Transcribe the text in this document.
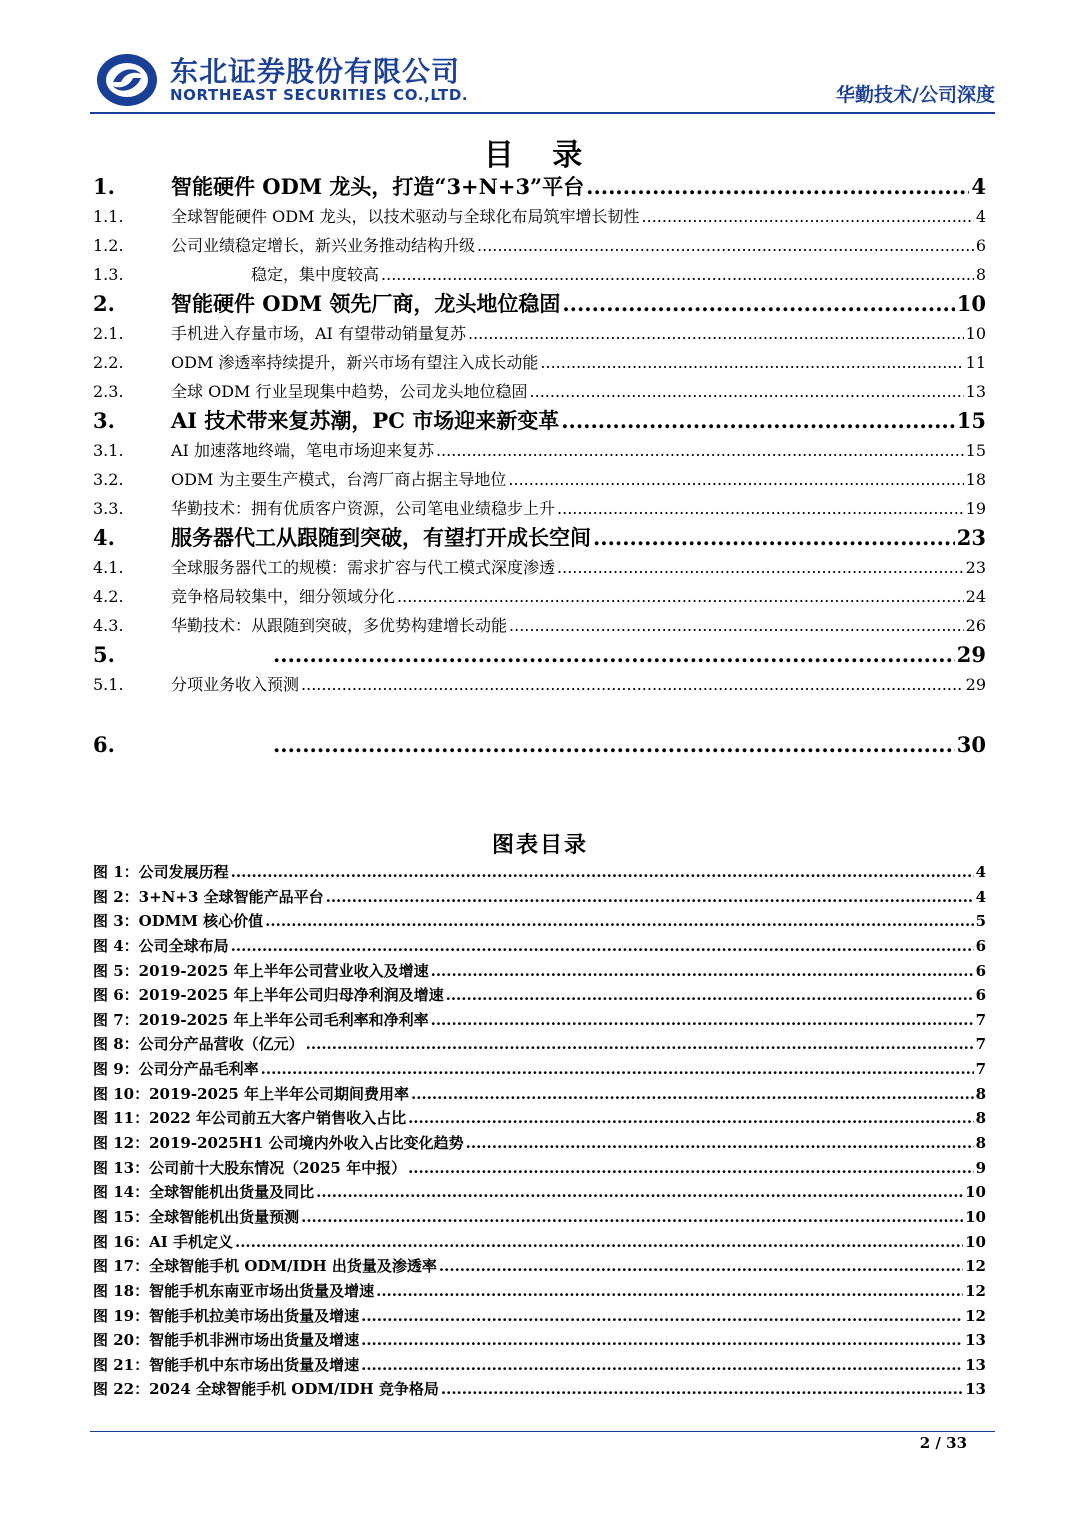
东北证券股份有限公司
NORTHEAST SECURITIES CO.,LTD.	华勤技术/公司深度
目 录
1.	智能硬件 ODM 龙头，打造“3+N+3”平台 .....	4
1.1.	全球智能硬件 ODM 龙头，以技术驱动与全球化布局筑牢增长韧性 .....	4
1.2.	公司业绩稳定增长，新兴业务推动结构升级 .....	6
1.3.	稳定，集中度较高 .....	8
2.	智能硬件 ODM 领先厂商，龙头地位稳固 .....	10
2.1.	手机进入存量市场，AI 有望带动销量复苏 .....	10
2.2.	ODM 渗透率持续提升，新兴市场有望注入成长动能 .....	11
2.3.	全球 ODM 行业呈现集中趋势，公司龙头地位稳固 .....	13
3.	AI 技术带来复苏潮，PC 市场迎来新变革 .....	15
3.1.	AI 加速落地终端，笔电市场迎来复苏 .....	15
3.2.	ODM 为主要生产模式，台湾厂商占据主导地位 .....	18
3.3.	华勤技术：拥有优质客户资源，公司笔电业绩稳步上升 .....	19
4.	服务器代工从跟随到突破，有望打开成长空间 .....	23
4.1.	全球服务器代工的规模：需求扩容与代工模式深度渗透 .....	23
4.2.	竞争格局较集中，细分领域分化 .....	24
4.3.	华勤技术：从跟随到突破，多优势构建增长动能 .....	26
5. .....	29
5.1.	分项业务收入预测 .....	29
6. .....	30
图表目录
图 1：公司发展历程 .....	4
图 2：3+N+3 全球智能产品平台 .....	4
图 3：ODMM 核心价值 .....	5
图 4：公司全球布局 .....	6
图 5：2019-2025 年上半年公司营业收入及增速 .....	6
图 6：2019-2025 年上半年公司归母净利润及增速 .....	6
图 7：2019-2025 年上半年公司毛利率和净利率 .....	7
图 8：公司分产品营收（亿元） .....	7
图 9：公司分产品毛利率 .....	7
图 10：2019-2025 年上半年公司期间费用率 .....	8
图 11：2022 年公司前五大客户销售收入占比 .....	8
图 12：2019-2025H1 公司境内外收入占比变化趋势 .....	8
图 13：公司前十大股东情况（2025 年中报） .....	9
图 14：全球智能机出货量及同比 .....	10
图 15：全球智能机出货量预测 .....	10
图 16：AI 手机定义 .....	10
图 17：全球智能手机 ODM/IDH 出货量及渗透率 .....	12
图 18：智能手机东南亚市场出货量及增速 .....	12
图 19：智能手机拉美市场出货量及增速 .....	12
图 20：智能手机非洲市场出货量及增速 .....	13
图 21：智能手机中东市场出货量及增速 .....	13
图 22：2024 全球智能手机 ODM/IDH 竞争格局 .....	13
2 / 33
